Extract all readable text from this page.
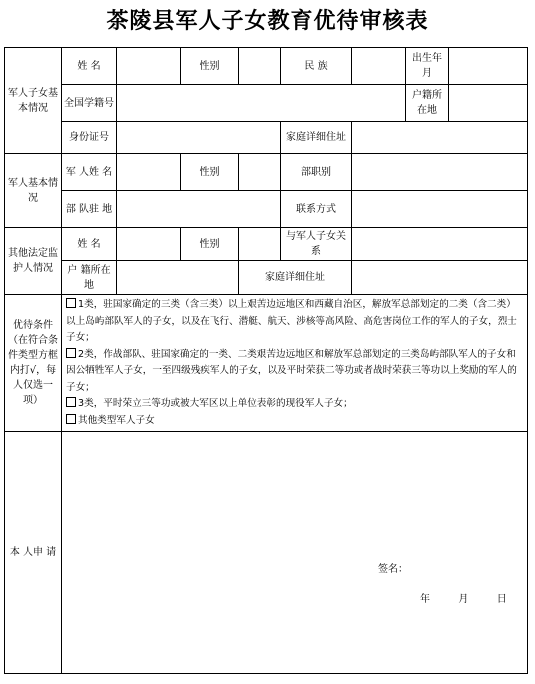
茶陵县军人子女教育优待审核表
军人子女基本情况	姓 名		性别		民 族		出生年月	
	全国学籍号						户籍所在地	
	身份证号				家庭详细住址			
军人基本情况	军 人姓 名		性别		部职别			
	部 队驻 地				联系方式			
其他法定监护人情况	姓 名		性别		与军人子女关系			
	户 籍所在地			家庭详细住址				
优待条件（在符合条件类型方框内打√，每人仅选一项）	1类，驻国家确定的三类（含三类）以上艰苦边远地区和西藏自治区，解放军总部划定的二类（含二类）以上岛屿部队军人的子女，以及在飞行、潜艇、航天、涉核等高风险、高危害岗位工作的军人的子女，烈士子女；

2类，作战部队、驻国家确定的一类、二类艰苦边远地区和解放军总部划定的三类岛屿部队军人的子女和因公牺牲军人子女，一至四级残疾军人的子女，以及平时荣获二等功或者战时荣获三等功以上奖励的军人的子女；

3类，平时荣立三等功或被大军区以上单位表彰的现役军人子女；

其他类型军人子女							

本 人申 请	签名：
年 月 日							
